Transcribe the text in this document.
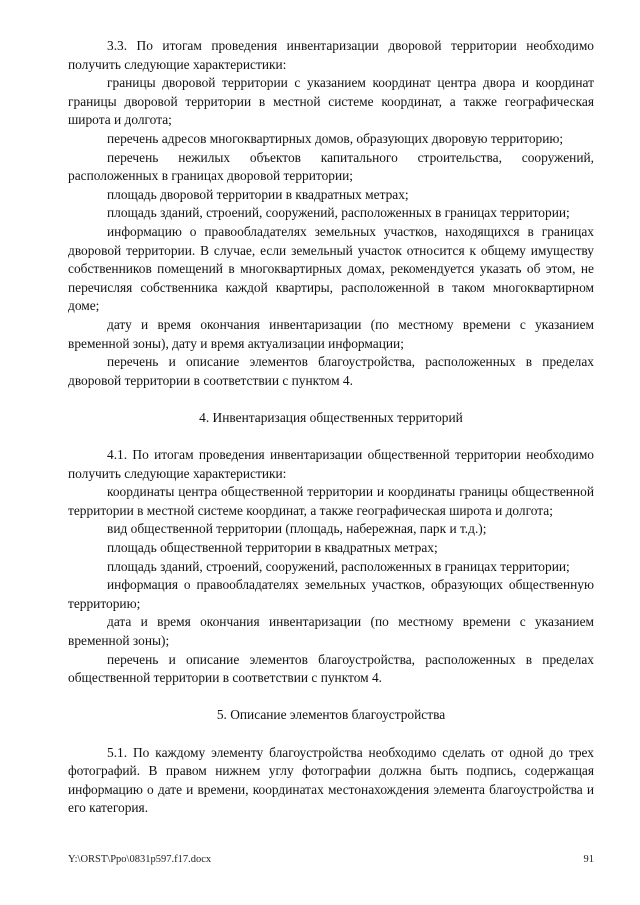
3.3. По итогам проведения инвентаризации дворовой территории необходимо получить следующие характеристики:

границы дворовой территории с указанием координат центра двора и координат границы дворовой территории в местной системе координат, а также географическая широта и долгота;

перечень адресов многоквартирных домов, образующих дворовую территорию;

перечень нежилых объектов капитального строительства, сооружений, расположенных в границах дворовой территории;

площадь дворовой территории в квадратных метрах;

площадь зданий, строений, сооружений, расположенных в границах территории;

информацию о правообладателях земельных участков, находящихся в границах дворовой территории. В случае, если земельный участок относится к общему имуществу собственников помещений в многоквартирных домах, рекомендуется указать об этом, не перечисляя собственника каждой квартиры, расположенной в таком многоквартирном доме;

дату и время окончания инвентаризации (по местному времени с указанием временной зоны), дату и время актуализации информации;

перечень и описание элементов благоустройства, расположенных в пределах дворовой территории в соответствии с пунктом 4.

4. Инвентаризация общественных территорий

4.1. По итогам проведения инвентаризации общественной территории необходимо получить следующие характеристики:

координаты центра общественной территории и координаты границы общественной территории в местной системе координат, а также географическая широта и долгота;

вид общественной территории (площадь, набережная, парк и т.д.);

площадь общественной территории в квадратных метрах;

площадь зданий, строений, сооружений, расположенных в границах территории;

информация о правообладателях земельных участков, образующих общественную территорию;

дата и время окончания инвентаризации (по местному времени с указанием временной зоны);

перечень и описание элементов благоустройства, расположенных в пределах общественной территории в соответствии с пунктом 4.

5. Описание элементов благоустройства

5.1. По каждому элементу благоустройства необходимо сделать от одной до трех фотографий. В правом нижнем углу фотографии должна быть подпись, содержащая информацию о дате и времени, координатах местонахождения элемента благоустройства и его категория.

Y:\ORST\Ppo\0831p597.f17.docx	91
